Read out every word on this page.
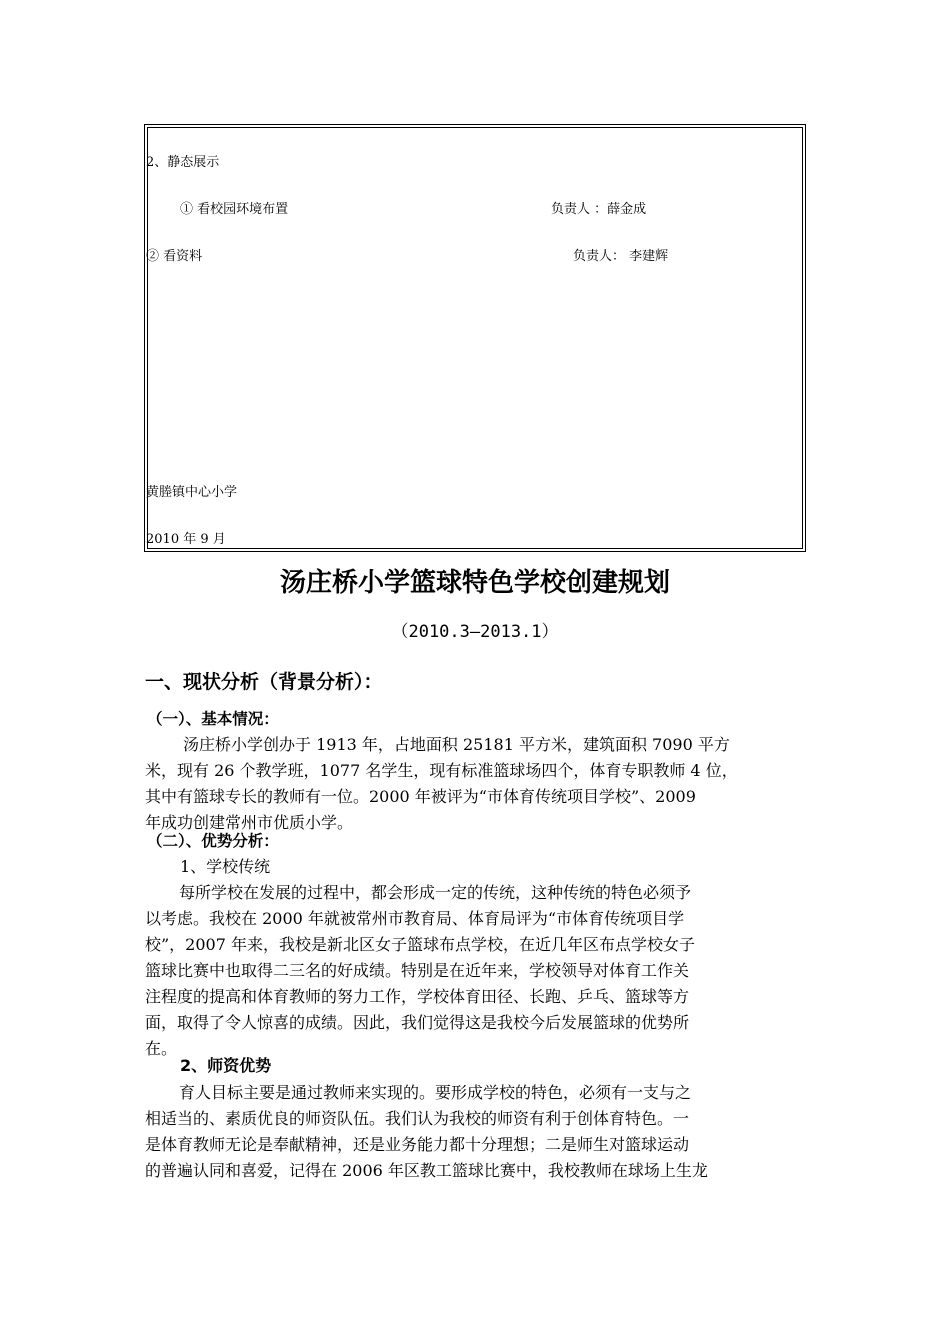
2、静态展示
① 看校园环境布置	负责人 ：薛金成
② 看资料	负责人： 李建辉
黄塍镇中心小学
2010 年 9 月
汤庄桥小学篮球特色学校创建规划
（2010.3—2013.1）
一、现状分析（背景分析）：
（一）、基本情况：
汤庄桥小学创办于 1913 年，占地面积 25181 平方米，建筑面积 7090 平方
米，现有 26 个教学班，1077 名学生，现有标准篮球场四个，体育专职教师 4 位，
其中有篮球专长的教师有一位。2000 年被评为“市体育传统项目学校”、2009
年成功创建常州市优质小学。
（二）、优势分析：
1、学校传统
每所学校在发展的过程中，都会形成一定的传统，这种传统的特色必须予
以考虑。我校在 2000 年就被常州市教育局、体育局评为“市体育传统项目学
校”，2007 年来，我校是新北区女子篮球布点学校，在近几年区布点学校女子
篮球比赛中也取得二三名的好成绩。特别是在近年来，学校领导对体育工作关
注程度的提高和体育教师的努力工作，学校体育田径、长跑、乒乓、篮球等方
面，取得了令人惊喜的成绩。因此，我们觉得这是我校今后发展篮球的优势所
在。
2、师资优势
育人目标主要是通过教师来实现的。要形成学校的特色，必须有一支与之
相适当的、素质优良的师资队伍。我们认为我校的师资有利于创体育特色。一
是体育教师无论是奉献精神，还是业务能力都十分理想；二是师生对篮球运动
的普遍认同和喜爱，记得在 2006 年区教工篮球比赛中，我校教师在球场上生龙
